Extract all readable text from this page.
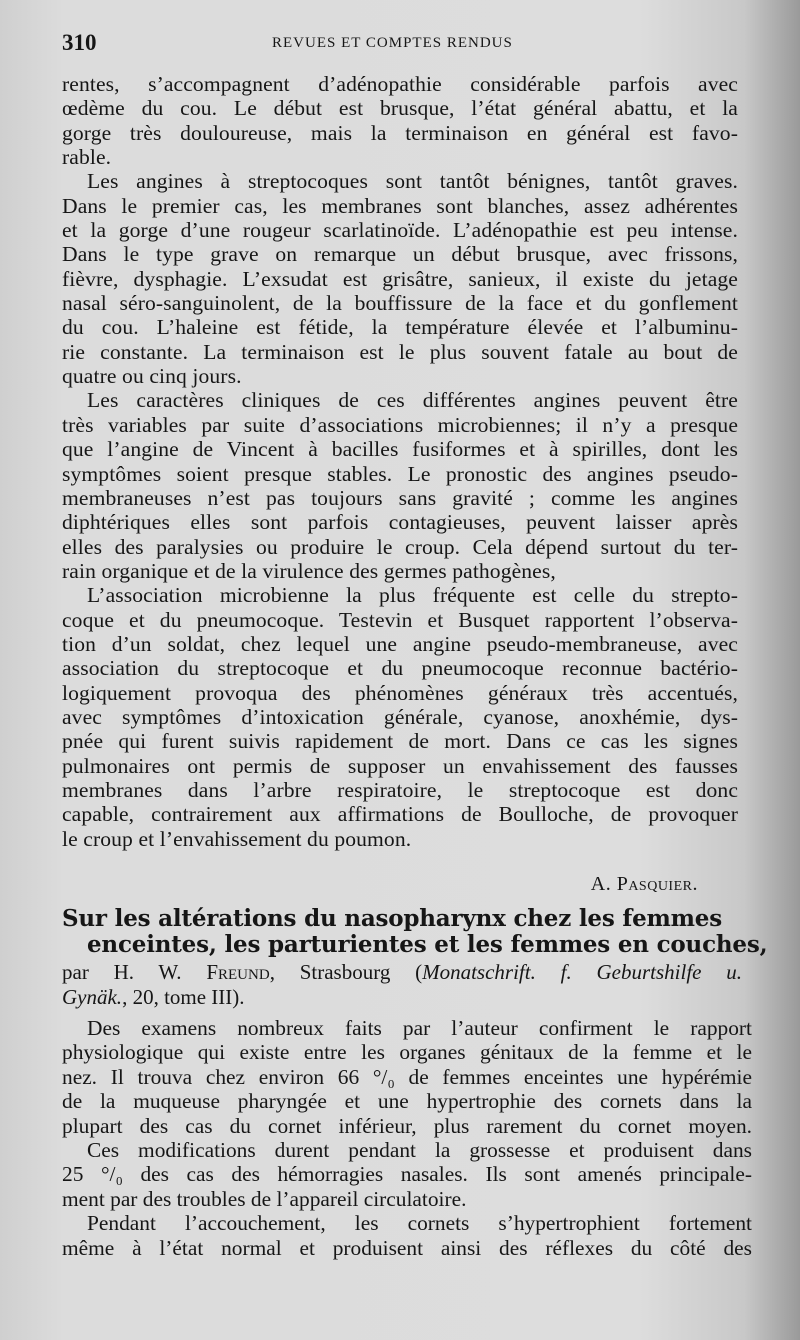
310	REVUES ET COMPTES RENDUS
rentes, s’accompagnent d’adénopathie considérable parfois avec
œdème du cou. Le début est brusque, l’état général abattu, et la
gorge très douloureuse, mais la terminaison en général est favo-
rable.
Les angines à streptocoques sont tantôt bénignes, tantôt graves.
Dans le premier cas, les membranes sont blanches, assez adhérentes
et la gorge d’une rougeur scarlatinoïde. L’adénopathie est peu intense.
Dans le type grave on remarque un début brusque, avec frissons,
fièvre, dysphagie. L’exsudat est grisâtre, sanieux, il existe du jetage
nasal séro-sanguinolent, de la bouffissure de la face et du gonflement
du cou. L’haleine est fétide, la température élevée et l’albuminu-
rie constante. La terminaison est le plus souvent fatale au bout de
quatre ou cinq jours.
Les caractères cliniques de ces différentes angines peuvent être
très variables par suite d’associations microbiennes; il n’y a presque
que l’angine de Vincent à bacilles fusiformes et à spirilles, dont les
symptômes soient presque stables. Le pronostic des angines pseudo-
membraneuses n’est pas toujours sans gravité ; comme les angines
diphtériques elles sont parfois contagieuses, peuvent laisser après
elles des paralysies ou produire le croup. Cela dépend surtout du ter-
rain organique et de la virulence des germes pathogènes,
L’association microbienne la plus fréquente est celle du strepto-
coque et du pneumocoque. Testevin et Busquet rapportent l’observa-
tion d’un soldat, chez lequel une angine pseudo-membraneuse, avec
association du streptocoque et du pneumocoque reconnue bactério-
logiquement provoqua des phénomènes généraux très accentués,
avec symptômes d’intoxication générale, cyanose, anoxhémie, dys-
pnée qui furent suivis rapidement de mort. Dans ce cas les signes
pulmonaires ont permis de supposer un envahissement des fausses
membranes dans l’arbre respiratoire, le streptocoque est donc
capable, contrairement aux affirmations de Boulloche, de provoquer
le croup et l’envahissement du poumon.
A. Pasquier.
Sur les altérations du nasopharynx chez les femmes
enceintes, les parturientes et les femmes en couches,
par H. W. Freund, Strasbourg (Monatschrift. f. Geburtshilfe u.
Gynäk., 20, tome III).
Des examens nombreux faits par l’auteur confirment le rapport
physiologique qui existe entre les organes génitaux de la femme et le
nez. Il trouva chez environ 66 °/₀ de femmes enceintes une hypérémie
de la muqueuse pharyngée et une hypertrophie des cornets dans la
plupart des cas du cornet inférieur, plus rarement du cornet moyen.
Ces modifications durent pendant la grossesse et produisent dans
25 °/₀ des cas des hémorragies nasales. Ils sont amenés principale-
ment par des troubles de l’appareil circulatoire.
Pendant l’accouchement, les cornets s’hypertrophient fortement
même à l’état normal et produisent ainsi des réflexes du côté des
